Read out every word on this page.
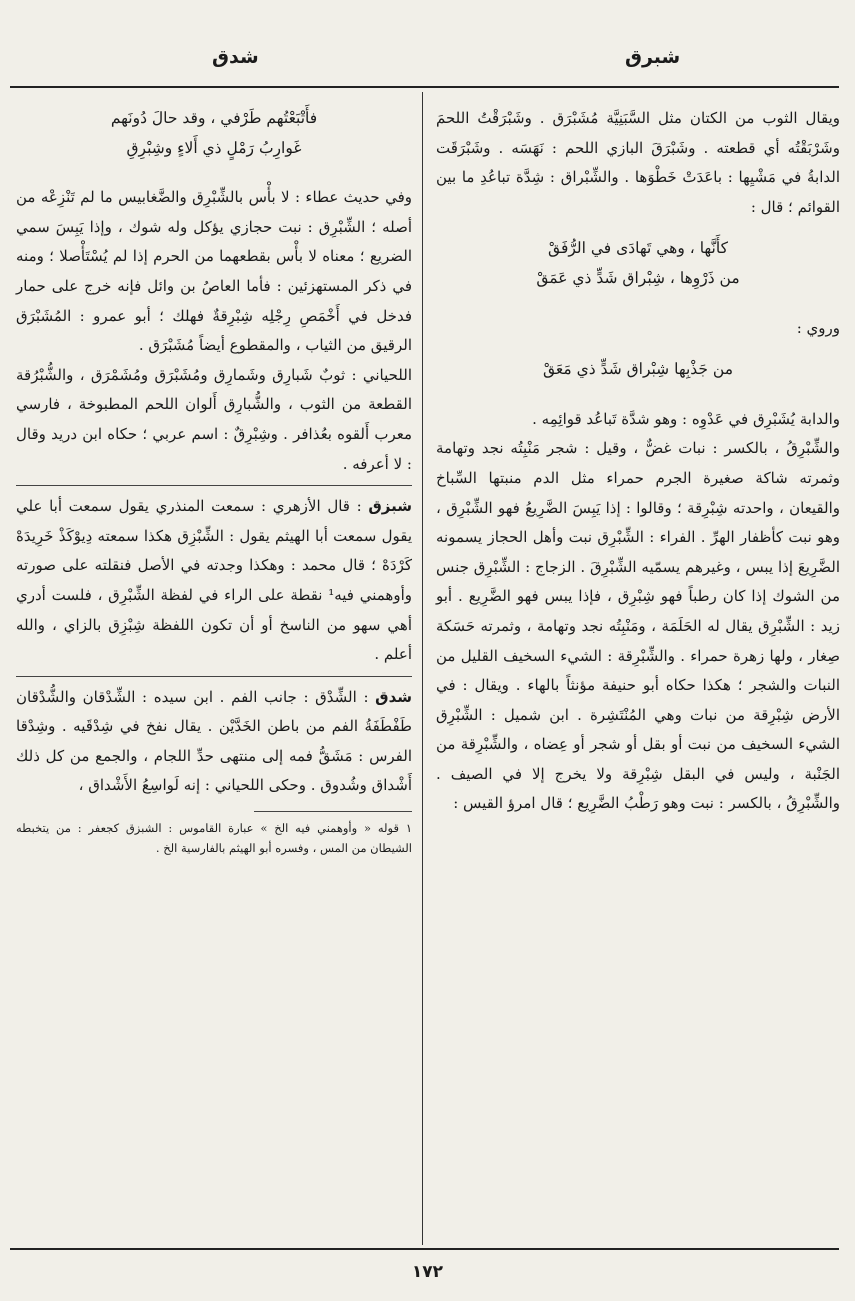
شدق	شبرق

ويقال الثوب من الكتان مثل السَّبَنِيَّة مُشَبْرَق . وشَبْرَقْتُ اللحمَ وشَرْبَقْتُه أي قطعته . وشَبْرَقَ البازي اللحم : نَهَسَه . وشَبْرَقَت الدابةُ في مَشْيِها : باعَدَتْ خَطْوَها . والشِّبْراق : شِدَّة تباعُدِ ما بين القوائم ؛ قال :

كأَنَّها ، وهي تَهادَى في الرُّفَقْ

من ذَرْوِها ، شِبْراق شَدٍّ ذي عَمَقْ

وروي :

من جَذْبِها شِبْراق شَدٍّ ذي مَعَقْ

والدابة يُشَبْرِق في عَدْوِه : وهو شدَّة تَباعُد قوائِمِه .

والشِّبْرِقُ ، بالكسر : نبات غضٌّ ، وقيل : شجر مَنْبِتُه نجد وتهامة وثمرته شاكة صغيرة الجرم حمراء مثل الدم منبتها السِّباخ والقيعان ، واحدته شِبْرِقة ؛ وقالوا : إذا يَبِسَ الضَّرِيعُ فهو الشِّبْرِق ، وهو نبت كأظفار الهرِّ . الفراء : الشِّبْرِق نبت وأهل الحجاز يسمونه الضَّرِيعَ إذا يبس ، وغيرهم يسمّيه الشِّبْرِقَ . الزجاج : الشِّبْرِق جنس من الشوك إذا كان رطباً فهو شِبْرِق ، فإذا يبس فهو الضَّرِيع . أبو زيد : الشِّبْرِق يقال له الحَلَمَة ، ومَنْبِتُه نجد وتهامة ، وثمرته حَسَكة صِغار ، ولها زهرة حمراء . والشِّبْرِقة : الشيء السخيف القليل من النبات والشجر ؛ هكذا حكاه أبو حنيفة مؤنثاً بالهاء . ويقال : في الأرض شِبْرِقة من نبات وهي المُنْتَشِرة . ابن شميل : الشِّبْرِق الشيء السخيف من نبت أو بقل أو شجر أو عِضاه ، والشِّبْرِقة من الجَنْبة ، وليس في البقل شِبْرِقة ولا يخرج إلا في الصيف . والشِّبْرِقُ ، بالكسر : نبت وهو رَطْبُ الضَّرِيع ؛ قال امرؤ القيس :

فأَتْبَعْتُهم طَرْفي ، وقد حالَ دُونَهم

غَوارِبُ رَمْلٍ ذي أَلاءٍ وشِبْرِقِ

وفي حديث عطاء : لا بأْس بالشِّبْرِق والضَّغابيس ما لم تَنْزِعْه من أصله ؛ الشِّبْرِق : نبت حجازي يؤكل وله شوك ، وإذا يَبِسَ سمي الضريع ؛ معناه لا بأْس بقطعهما من الحرم إذا لم يُسْتَأْصلا ؛ ومنه في ذكر المستهزئين : فأما العاصُ بن وائل فإنه خرج على حمار فدخل في أَخْمَصِ رِجْلِه شِبْرِقةٌ فهلك ؛ أبو عمرو : المُشَبْرَق الرقيق من الثياب ، والمقطوع أيضاً مُشَبْرَق .

اللحياني : ثوبٌ شَبارِق وشَمارِق ومُشَبْرَق ومُشَمْرَق ، والشُّبْرُقة القطعة من الثوب ، والشُّبارِق أَلوان اللحم المطبوخة ، فارسي معرب أَلقوه بعُذافر . وشِبْرِقٌ : اسم عربي ؛ حكاه ابن دريد وقال : لا أعرفه .

شبزق : قال الأزهري : سمعت المنذري يقول سمعت أبا علي يقول سمعت أبا الهيثم يقول : الشِّبْزِق هكذا سمعته دِيوْكَذْ خَرِيدَهْ كَرْدَهْ ؛ قال محمد : وهكذا وجدته في الأصل فنقلته على صورته وأوهمني فيه¹ نقطة على الراء في لفظة الشِّبْرِق ، فلست أدري أهي سهو من الناسخ أو أن تكون اللفظة شِبْزِق بالزاي ، والله أعلم .

شدق : الشِّدْق : جانب الفم . ابن سيده : الشِّدْقان والشُّدْقان طَفْطَفَةُ الفم من باطن الخَدَّيْن . يقال نفخ في شِدْقَيه . وشِدْقا الفرس : مَشَقُّ فمه إلى منتهى حدِّ اللجام ، والجمع من كل ذلك أَشْداق وشُدوق . وحكى اللحياني : إنه لَواسِعُ الأَشْداق ،

١ قوله « وأوهمني فيه الخ » عبارة القاموس : الشبزق كجعفر : من يتخبطه الشيطان من المس ، وفسره أبو الهيثم بالفارسية الخ .

١٧٢
